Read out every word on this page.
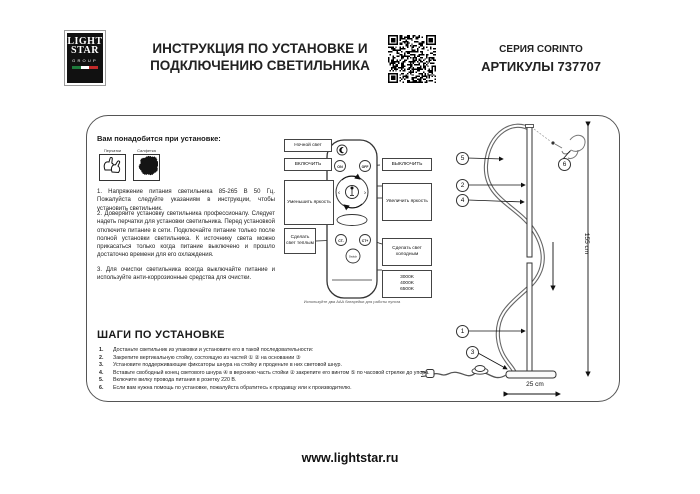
LIGHT
STAR
GROUP
ИНСТРУКЦИЯ ПО УСТАНОВКЕ И
ПОДКЛЮЧЕНИЮ СВЕТИЛЬНИКА
СЕРИЯ CORINTO
АРТИКУЛЫ 737707
Вам понадобится при установке:
Перчатки	Салфетка
1. Напряжение питания светильника 85-265 В 50 Гц. Пожалуйста следуйте указаниям в инструкции, чтобы установить светильник.
2. Доверяйте установку светильника профессионалу. Следует надеть перчатки для установки светильника. Перед установкой отключите питание в сети. Подключайте питание только после полной установки светильника. К источнику света можно прикасаться только когда питание выключено и прошло достаточно времени для его охлаждения.
3. Для очистки светильника всегда выключайте питание и используйте анти-коррозионные средства для очистки.
ON	OFF
‹	›
CT-	CT+
Switch
Ночной свет
ВКЛЮЧИТЬ
Уменьшить яркость
Сделать свет теплым
ВЫКЛЮЧИТЬ
Увеличить яркость
Сделать свет холодным
3000K
4000K
6500K
Используйте два ААА батарейки для работы пульта
5
2
4
1
3
6
155 cm
25 cm
ШАГИ ПО УСТАНОВКЕ
1.	Достаньте светильник из упаковки и установите его в такой последовательности:
2.	Закрепите вертикальную стойку, состоящую из частей ① ② на основании ③
3.	Установите поддерживающие фиксаторы шнура на стойку и проденьте в них световой шнур.
4.	Вставьте свободный конец светового шнура ④ в верхнюю часть стойки ② закрепите его винтом ⑤ по часовой стрелке до упора.
5.	Включите вилку провода питания в розетку 220 В.
6.	Если вам нужна помощь по установке, пожалуйста обратитесь к продавцу или к производителю.
www.lightstar.ru
